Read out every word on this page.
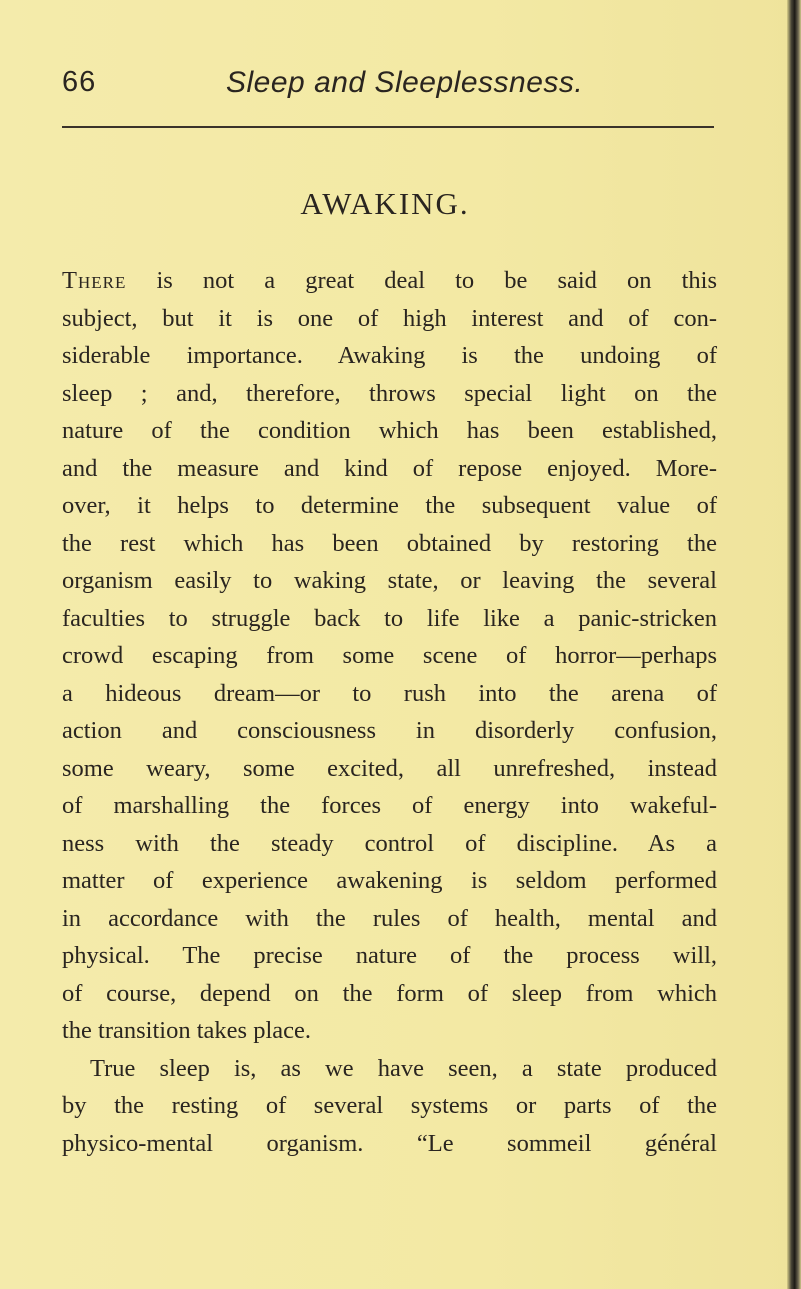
66	Sleep and Sleeplessness.
AWAKING.

There is not a great deal to be said on this

subject, but it is one of high interest and of con-

siderable importance. Awaking is the undoing of

sleep ; and, therefore, throws special light on the

nature of the condition which has been established,

and the measure and kind of repose enjoyed. More-

over, it helps to determine the subsequent value of

the rest which has been obtained by restoring the

organism easily to waking state, or leaving the several

faculties to struggle back to life like a panic-stricken

crowd escaping from some scene of horror—perhaps

a hideous dream—or to rush into the arena of

action and consciousness in disorderly confusion,

some weary, some excited, all unrefreshed, instead

of marshalling the forces of energy into wakeful-

ness with the steady control of discipline. As a

matter of experience awakening is seldom performed

in accordance with the rules of health, mental and

physical. The precise nature of the process will,

of course, depend on the form of sleep from which

the transition takes place.

True sleep is, as we have seen, a state produced

by the resting of several systems or parts of the

physico-mental organism. “Le sommeil général
